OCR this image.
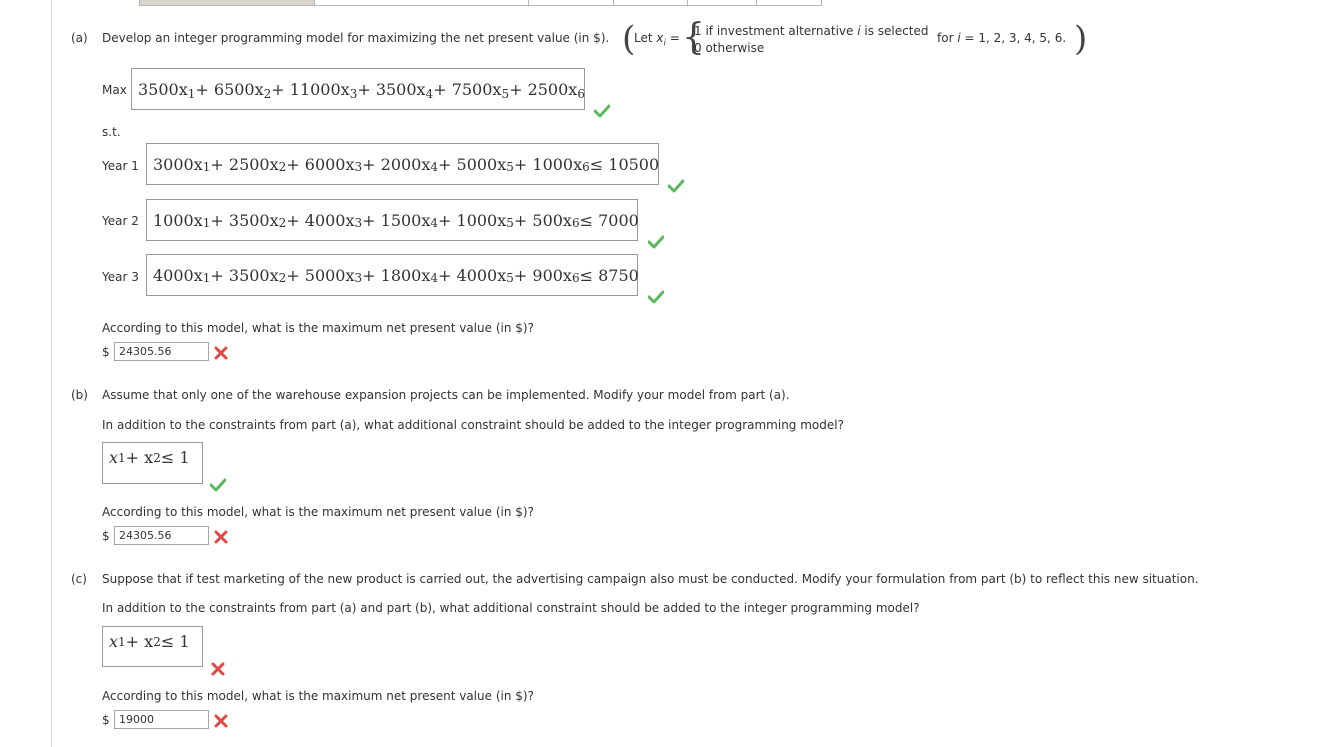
(a) Develop an integer programming model for maximizing the net present value (in $). (
Let $x_i$ = {
1 if investment alternative i is selected
0 otherwise
for i = 1, 2, 3, 4, 5, 6. )
Max $3500x_1 + 6500x_2 + 11000x_3 + 3500x_4 + 7500x_5 + 2500x_6$
s.t.
Year 1 $3000x_1 + 2500x_2 + 6000x_3 + 2000x_4 + 5000x_5 + 1000x_6 \le 10500$
Year 2 $1000x_1 + 3500x_2 + 4000x_3 + 1500x_4 + 1000x_5 + 500x_6 \le 7000$
Year 3 $4000x_1 + 3500x_2 + 5000x_3 + 1800x_4 + 4000x_5 + 900x_6 \le 8750$
According to this model, what is the maximum net present value (in $)?
$
24305.56
(b) Assume that only one of the warehouse expansion projects can be implemented. Modify your model from part (a).
In addition to the constraints from part (a), what additional constraint should be added to the integer programming model?
$x_1 + x_2 \le 1$
According to this model, what is the maximum net present value (in $)?
$
24305.56
(c) Suppose that if test marketing of the new product is carried out, the advertising campaign also must be conducted. Modify your formulation from part (b) to reflect this new situation.
In addition to the constraints from part (a) and part (b), what additional constraint should be added to the integer programming model?
$x_1 + x_2 \le 1$
According to this model, what is the maximum net present value (in $)?
$
19000
